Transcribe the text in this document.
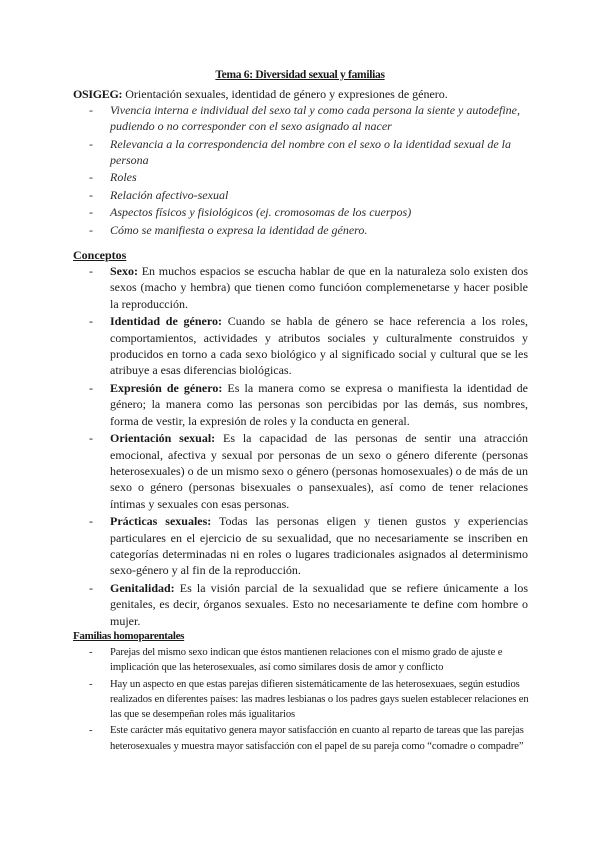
Tema 6: Diversidad sexual y familias
OSIGEG: Orientación sexuales, identidad de género y expresiones de género.
- Vivencia interna e individual del sexo tal y como cada persona la siente y autodefine, pudiendo o no corresponder con el sexo asignado al nacer
- Relevancia a la correspondencia del nombre con el sexo o la identidad sexual de la persona
- Roles
- Relación afectivo-sexual
- Aspectos físicos y fisiológicos (ej. cromosomas de los cuerpos)
- Cómo se manifiesta o expresa la identidad de género.
Conceptos
- Sexo: En muchos espacios se escucha hablar de que en la naturaleza solo existen dos sexos (macho y hembra) que tienen como funcióon complemenetarse y hacer posible la reproducción.
- Identidad de género: Cuando se habla de género se hace referencia a los roles, comportamientos, actividades y atributos sociales y culturalmente construidos y producidos en torno a cada sexo biológico y al significado social y cultural que se les atribuye a esas diferencias biológicas.
- Expresión de género: Es la manera como se expresa o manifiesta la identidad de género; la manera como las personas son percibidas por las demás, sus nombres, forma de vestir, la expresión de roles y la conducta en general.
- Orientación sexual: Es la capacidad de las personas de sentir una atracción emocional, afectiva y sexual por personas de un sexo o género diferente (personas heterosexuales) o de un mismo sexo o género (personas homosexuales) o de más de un sexo o género (personas bisexuales o pansexuales), así como de tener relaciones íntimas y sexuales con esas personas.
- Prácticas sexuales: Todas las personas eligen y tienen gustos y experiencias particulares en el ejercicio de su sexualidad, que no necesariamente se inscriben en categorías determinadas ni en roles o lugares tradicionales asignados al determinismo sexo-género y al fin de la reproducción.
- Genitalidad: Es la visión parcial de la sexualidad que se refiere únicamente a los genitales, es decir, órganos sexuales. Esto no necesariamente te define com hombre o mujer.
Familias homoparentales
- Parejas del mismo sexo indican que éstos mantienen relaciones con el mismo grado de ajuste e implicación que las heterosexuales, así como similares dosis de amor y conflicto
- Hay un aspecto en que estas parejas difieren sistemáticamente de las heterosexuaes, según estudios realizados en diferentes países: las madres lesbianas o los padres gays suelen establecer relaciones en las que se desempeñan roles más igualitarios
- Este carácter más equitativo genera mayor satisfacción en cuanto al reparto de tareas que las parejas heterosexuales y muestra mayor satisfacción con el papel de su pareja como “comadre o compadre”
